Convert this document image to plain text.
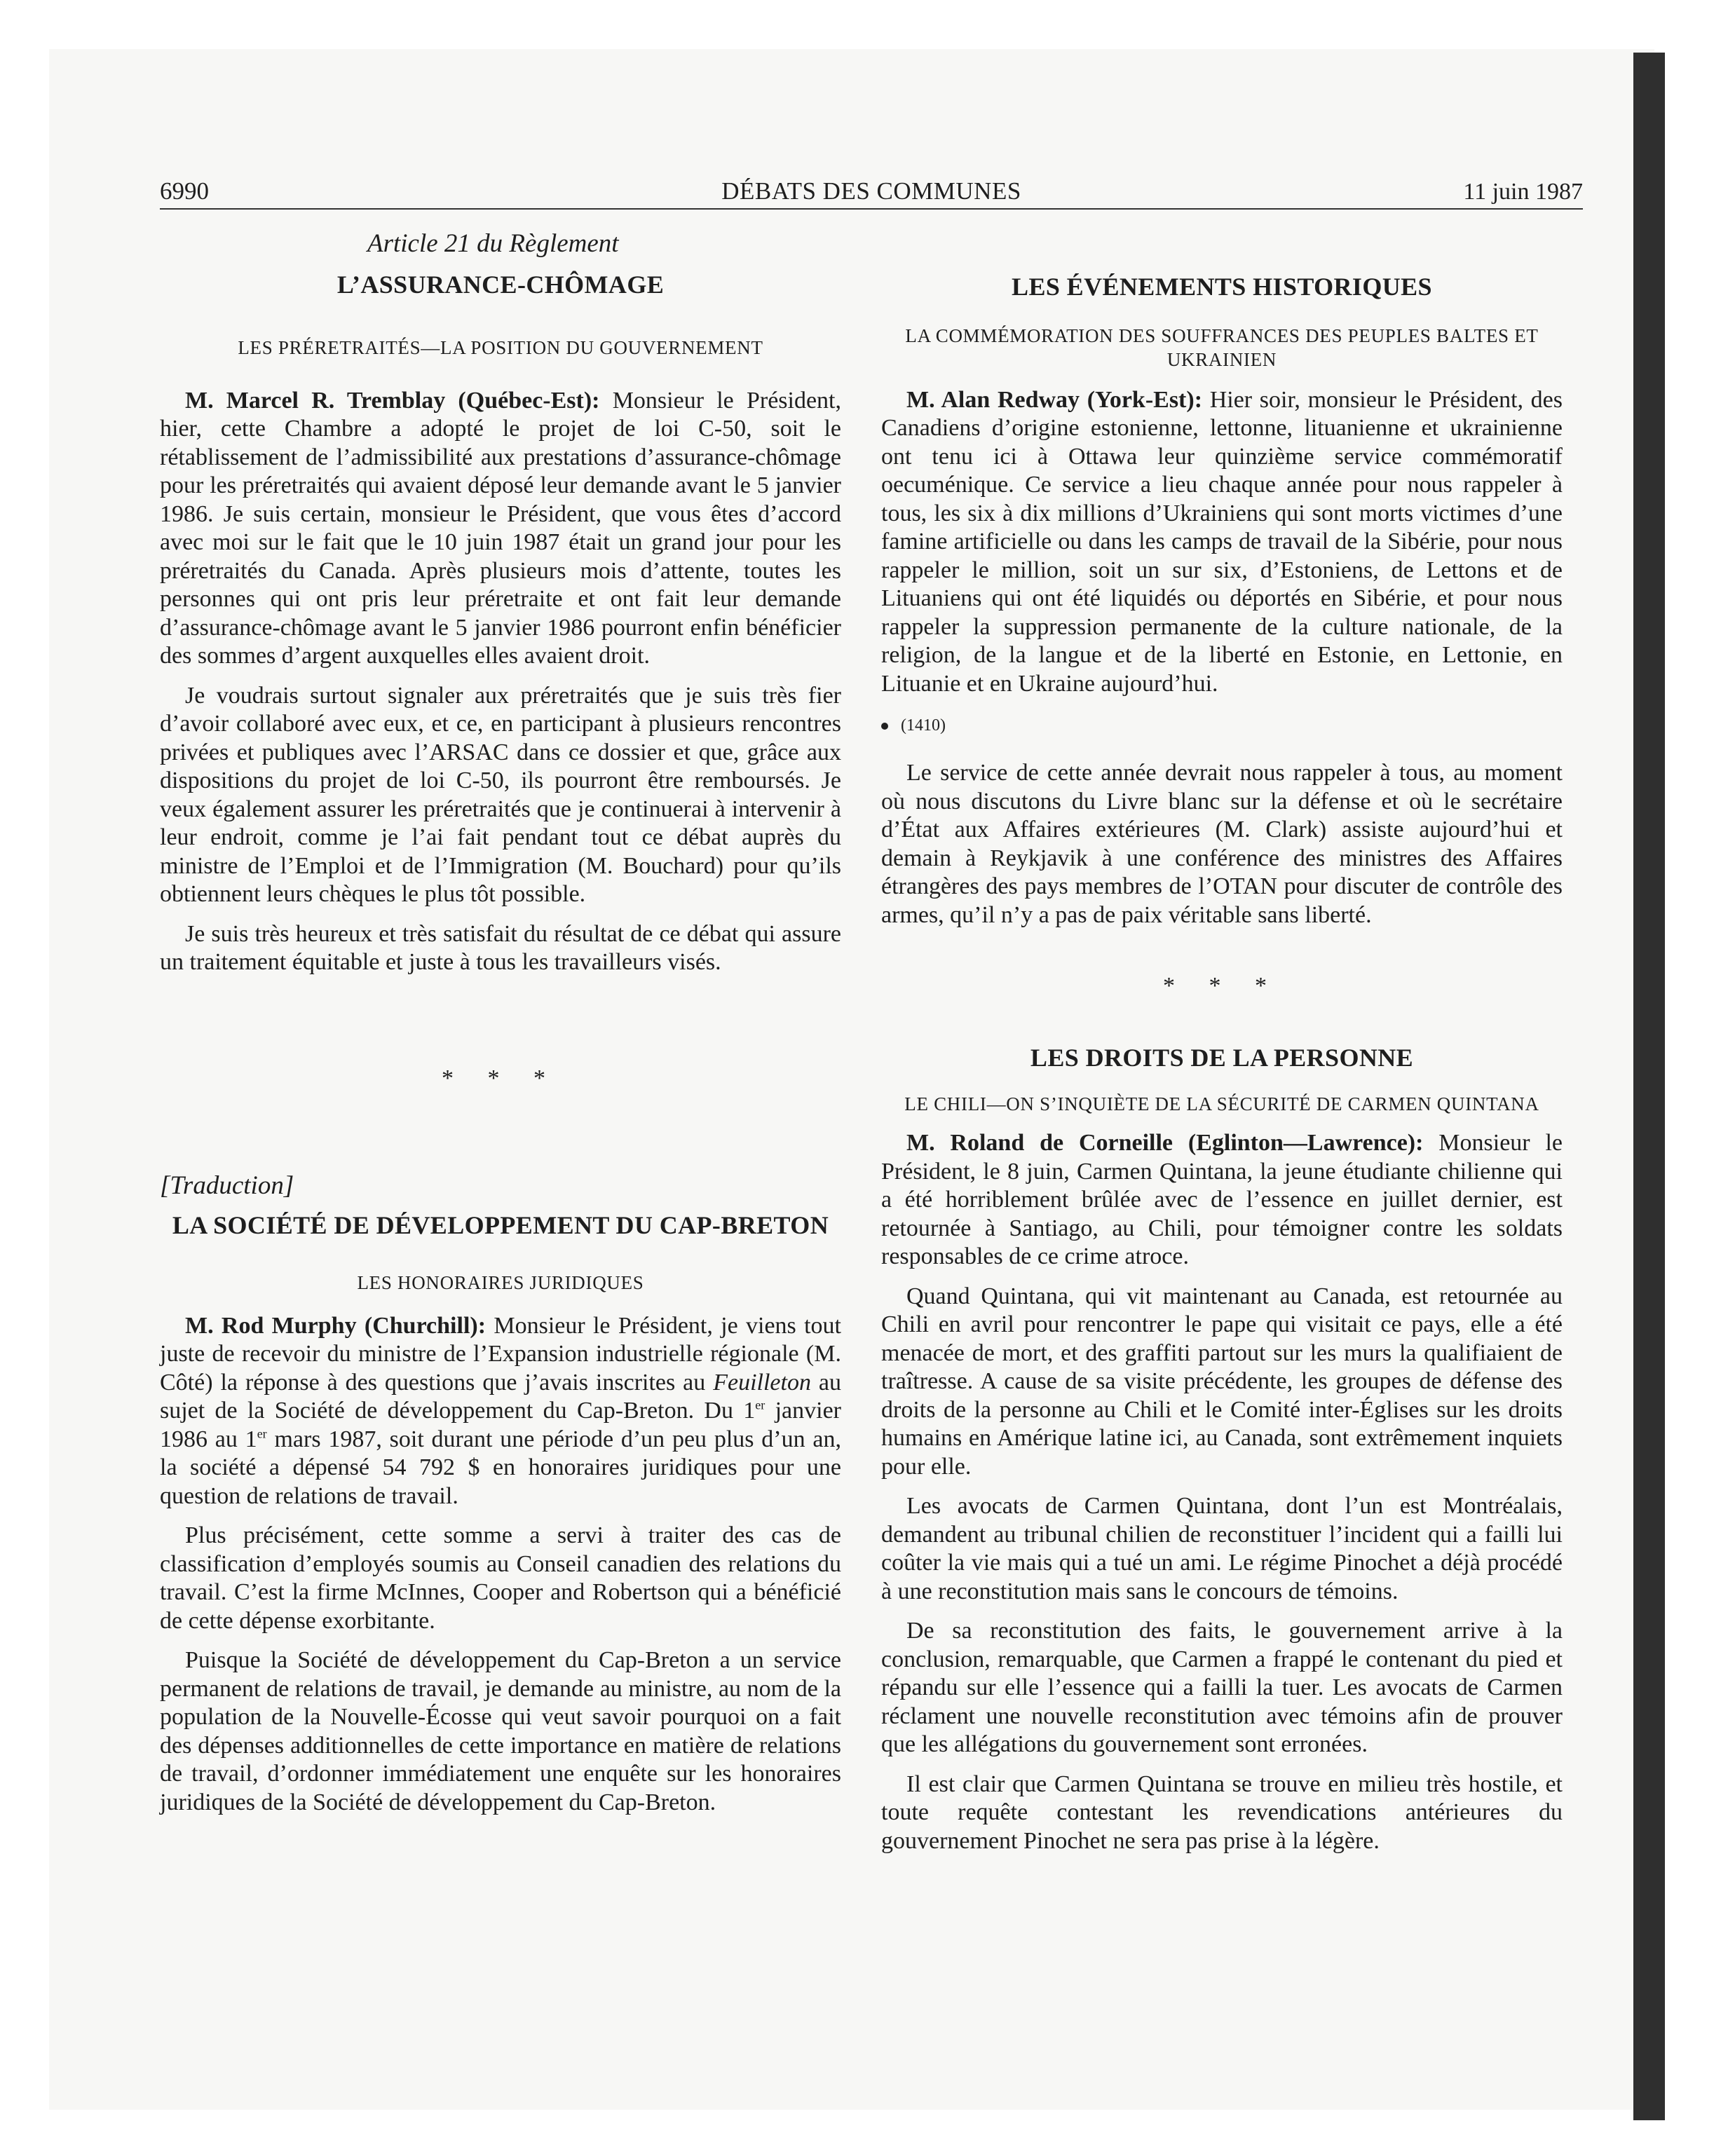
6990	DÉBATS DES COMMUNES	11 juin 1987
Article 21 du Règlement
L’ASSURANCE-CHÔMAGE
LES PRÉRETRAITÉS—LA POSITION DU GOUVERNEMENT

M. Marcel R. Tremblay (Québec-Est): Monsieur le Président, hier, cette Chambre a adopté le projet de loi C-50, soit le rétablissement de l’admissibilité aux prestations d’assurance-chômage pour les préretraités qui avaient déposé leur demande avant le 5 janvier 1986. Je suis certain, monsieur le Président, que vous êtes d’accord avec moi sur le fait que le 10 juin 1987 était un grand jour pour les préretraités du Canada. Après plusieurs mois d’attente, toutes les personnes qui ont pris leur préretraite et ont fait leur demande d’assurance-chômage avant le 5 janvier 1986 pourront enfin bénéficier des sommes d’argent auxquelles elles avaient droit.

Je voudrais surtout signaler aux préretraités que je suis très fier d’avoir collaboré avec eux, et ce, en participant à plusieurs rencontres privées et publiques avec l’ARSAC dans ce dossier et que, grâce aux dispositions du projet de loi C-50, ils pourront être remboursés. Je veux également assurer les préretraités que je continuerai à intervenir à leur endroit, comme je l’ai fait pendant tout ce débat auprès du ministre de l’Emploi et de l’Immigration (M. Bouchard) pour qu’ils obtiennent leurs chèques le plus tôt possible.

Je suis très heureux et très satisfait du résultat de ce débat qui assure un traitement équitable et juste à tous les travailleurs visés.

* * *
[Traduction]
LA SOCIÉTÉ DE DÉVELOPPEMENT DU CAP-BRETON
LES HONORAIRES JURIDIQUES

M. Rod Murphy (Churchill): Monsieur le Président, je viens tout juste de recevoir du ministre de l’Expansion industrielle régionale (M. Côté) la réponse à des questions que j’avais inscrites au Feuilleton au sujet de la Société de développement du Cap-Breton. Du 1er janvier 1986 au 1er mars 1987, soit durant une période d’un peu plus d’un an, la société a dépensé 54 792 $ en honoraires juridiques pour une question de relations de travail.

Plus précisément, cette somme a servi à traiter des cas de classification d’employés soumis au Conseil canadien des relations du travail. C’est la firme McInnes, Cooper and Robertson qui a bénéficié de cette dépense exorbitante.

Puisque la Société de développement du Cap-Breton a un service permanent de relations de travail, je demande au ministre, au nom de la population de la Nouvelle-Écosse qui veut savoir pourquoi on a fait des dépenses additionnelles de cette importance en matière de relations de travail, d’ordonner immédiatement une enquête sur les honoraires juridiques de la Société de développement du Cap-Breton.

LES ÉVÉNEMENTS HISTORIQUES
LA COMMÉMORATION DES SOUFFRANCES DES PEUPLES BALTES ET UKRAINIEN

M. Alan Redway (York-Est): Hier soir, monsieur le Président, des Canadiens d’origine estonienne, lettonne, lituanienne et ukrainienne ont tenu ici à Ottawa leur quinzième service commémoratif oecuménique. Ce service a lieu chaque année pour nous rappeler à tous, les six à dix millions d’Ukrainiens qui sont morts victimes d’une famine artificielle ou dans les camps de travail de la Sibérie, pour nous rappeler le million, soit un sur six, d’Estoniens, de Lettons et de Lituaniens qui ont été liquidés ou déportés en Sibérie, et pour nous rappeler la suppression permanente de la culture nationale, de la religion, de la langue et de la liberté en Estonie, en Lettonie, en Lituanie et en Ukraine aujourd’hui.

(1410)

Le service de cette année devrait nous rappeler à tous, au moment où nous discutons du Livre blanc sur la défense et où le secrétaire d’État aux Affaires extérieures (M. Clark) assiste aujourd’hui et demain à Reykjavik à une conférence des ministres des Affaires étrangères des pays membres de l’OTAN pour discuter de contrôle des armes, qu’il n’y a pas de paix véritable sans liberté.

* * *
LES DROITS DE LA PERSONNE
LE CHILI—ON S’INQUIÈTE DE LA SÉCURITÉ DE CARMEN QUINTANA

M. Roland de Corneille (Eglinton—Lawrence): Monsieur le Président, le 8 juin, Carmen Quintana, la jeune étudiante chilienne qui a été horriblement brûlée avec de l’essence en juillet dernier, est retournée à Santiago, au Chili, pour témoigner contre les soldats responsables de ce crime atroce.

Quand Quintana, qui vit maintenant au Canada, est retournée au Chili en avril pour rencontrer le pape qui visitait ce pays, elle a été menacée de mort, et des graffiti partout sur les murs la qualifiaient de traîtresse. A cause de sa visite précédente, les groupes de défense des droits de la personne au Chili et le Comité inter-Églises sur les droits humains en Amérique latine ici, au Canada, sont extrêmement inquiets pour elle.

Les avocats de Carmen Quintana, dont l’un est Montréalais, demandent au tribunal chilien de reconstituer l’incident qui a failli lui coûter la vie mais qui a tué un ami. Le régime Pinochet a déjà procédé à une reconstitution mais sans le concours de témoins.

De sa reconstitution des faits, le gouvernement arrive à la conclusion, remarquable, que Carmen a frappé le contenant du pied et répandu sur elle l’essence qui a failli la tuer. Les avocats de Carmen réclament une nouvelle reconstitution avec témoins afin de prouver que les allégations du gouvernement sont erronées.

Il est clair que Carmen Quintana se trouve en milieu très hostile, et toute requête contestant les revendications antérieures du gouvernement Pinochet ne sera pas prise à la légère.
